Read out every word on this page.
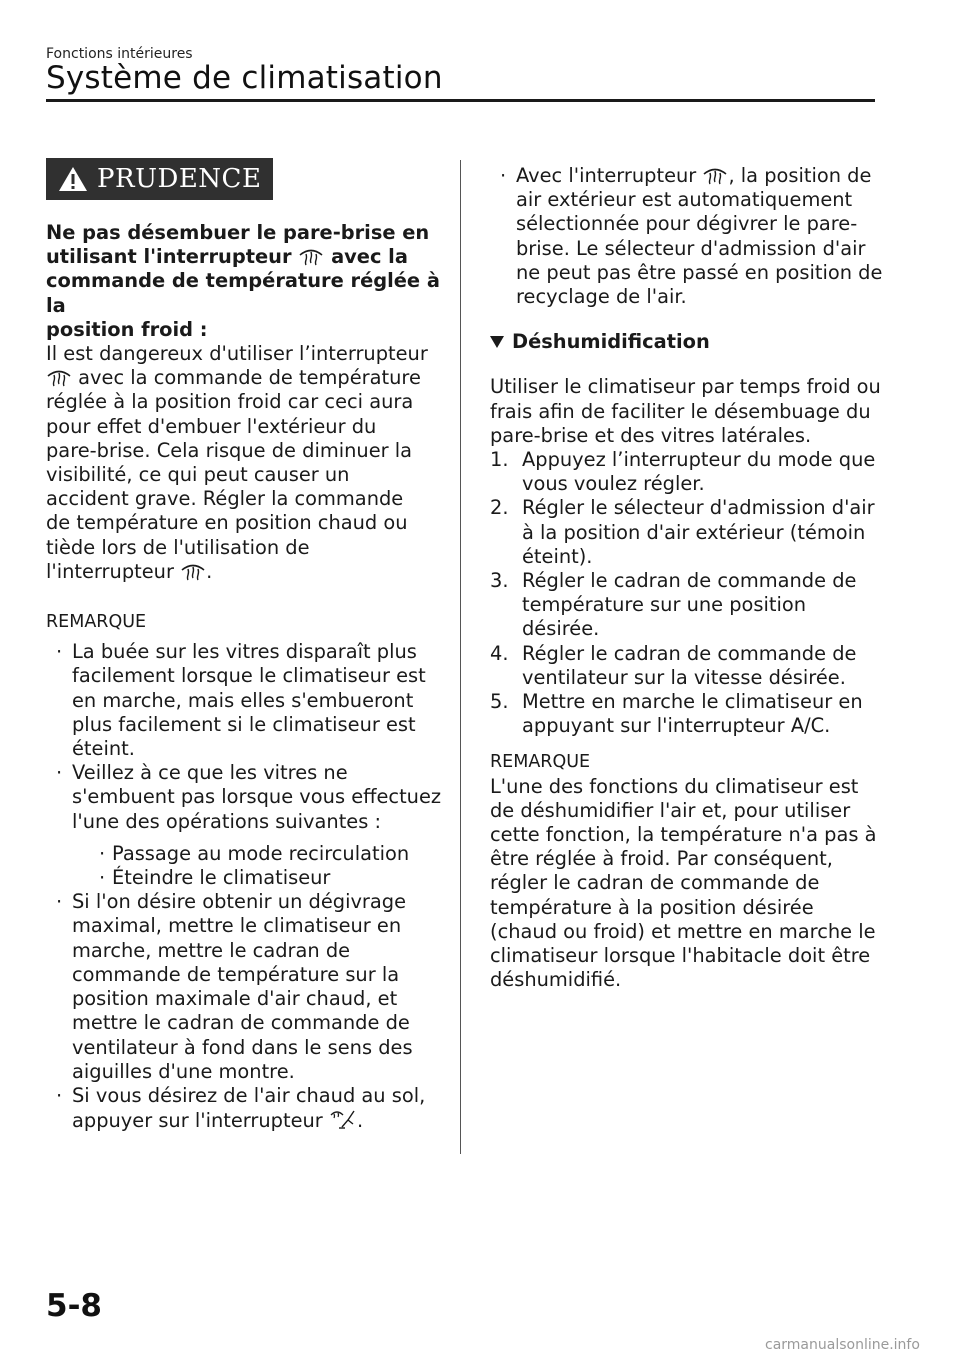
Fonctions intérieures
Système de climatisation
PRUDENCE
Ne pas désembuer le pare-brise en
utilisant l'interrupteur avec la
commande de température réglée à la
position froid :
Il est dangereux d'utiliser l’interrupteur
avec la commande de température
réglée à la position froid car ceci aura
pour effet d'embuer l'extérieur du
pare-brise. Cela risque de diminuer la
visibilité, ce qui peut causer un
accident grave. Régler la commande
de température en position chaud ou
tiède lors de l'utilisation de
l'interrupteur .
REMARQUE
· La buée sur les vitres disparaît plus facilement lorsque le climatiseur est en marche, mais elles s'embueront plus facilement si le climatiseur est éteint.
· Veillez à ce que les vitres ne s'embuent pas lorsque vous effectuez l'une des opérations suivantes :
· Passage au mode recirculation
· Éteindre le climatiseur
· Si l'on désire obtenir un dégivrage maximal, mettre le climatiseur en marche, mettre le cadran de commande de température sur la position maximale d'air chaud, et mettre le cadran de commande de ventilateur à fond dans le sens des aiguilles d'une montre.
· Si vous désirez de l'air chaud au sol,
appuyer sur l'interrupteur .
· Avec l'interrupteur , la position de air extérieur est automatiquement sélectionnée pour dégivrer le pare-brise. Le sélecteur d'admission d'air ne peut pas être passé en position de recyclage de l'air.
Déshumidification
Utiliser le climatiseur par temps froid ou frais afin de faciliter le désembuage du pare-brise et des vitres latérales.
1. Appuyez l’interrupteur du mode que vous voulez régler.
2. Régler le sélecteur d'admission d'air à la position d'air extérieur (témoin éteint).
3. Régler le cadran de commande de température sur une position désirée.
4. Régler le cadran de commande de ventilateur sur la vitesse désirée.
5. Mettre en marche le climatiseur en appuyant sur l'interrupteur A/C.
REMARQUE
L'une des fonctions du climatiseur est de déshumidifier l'air et, pour utiliser cette fonction, la température n'a pas à être réglée à froid. Par conséquent, régler le cadran de commande de température à la position désirée (chaud ou froid) et mettre en marche le climatiseur lorsque l'habitacle doit être déshumidifié.
5-8
carmanualsonline.info
